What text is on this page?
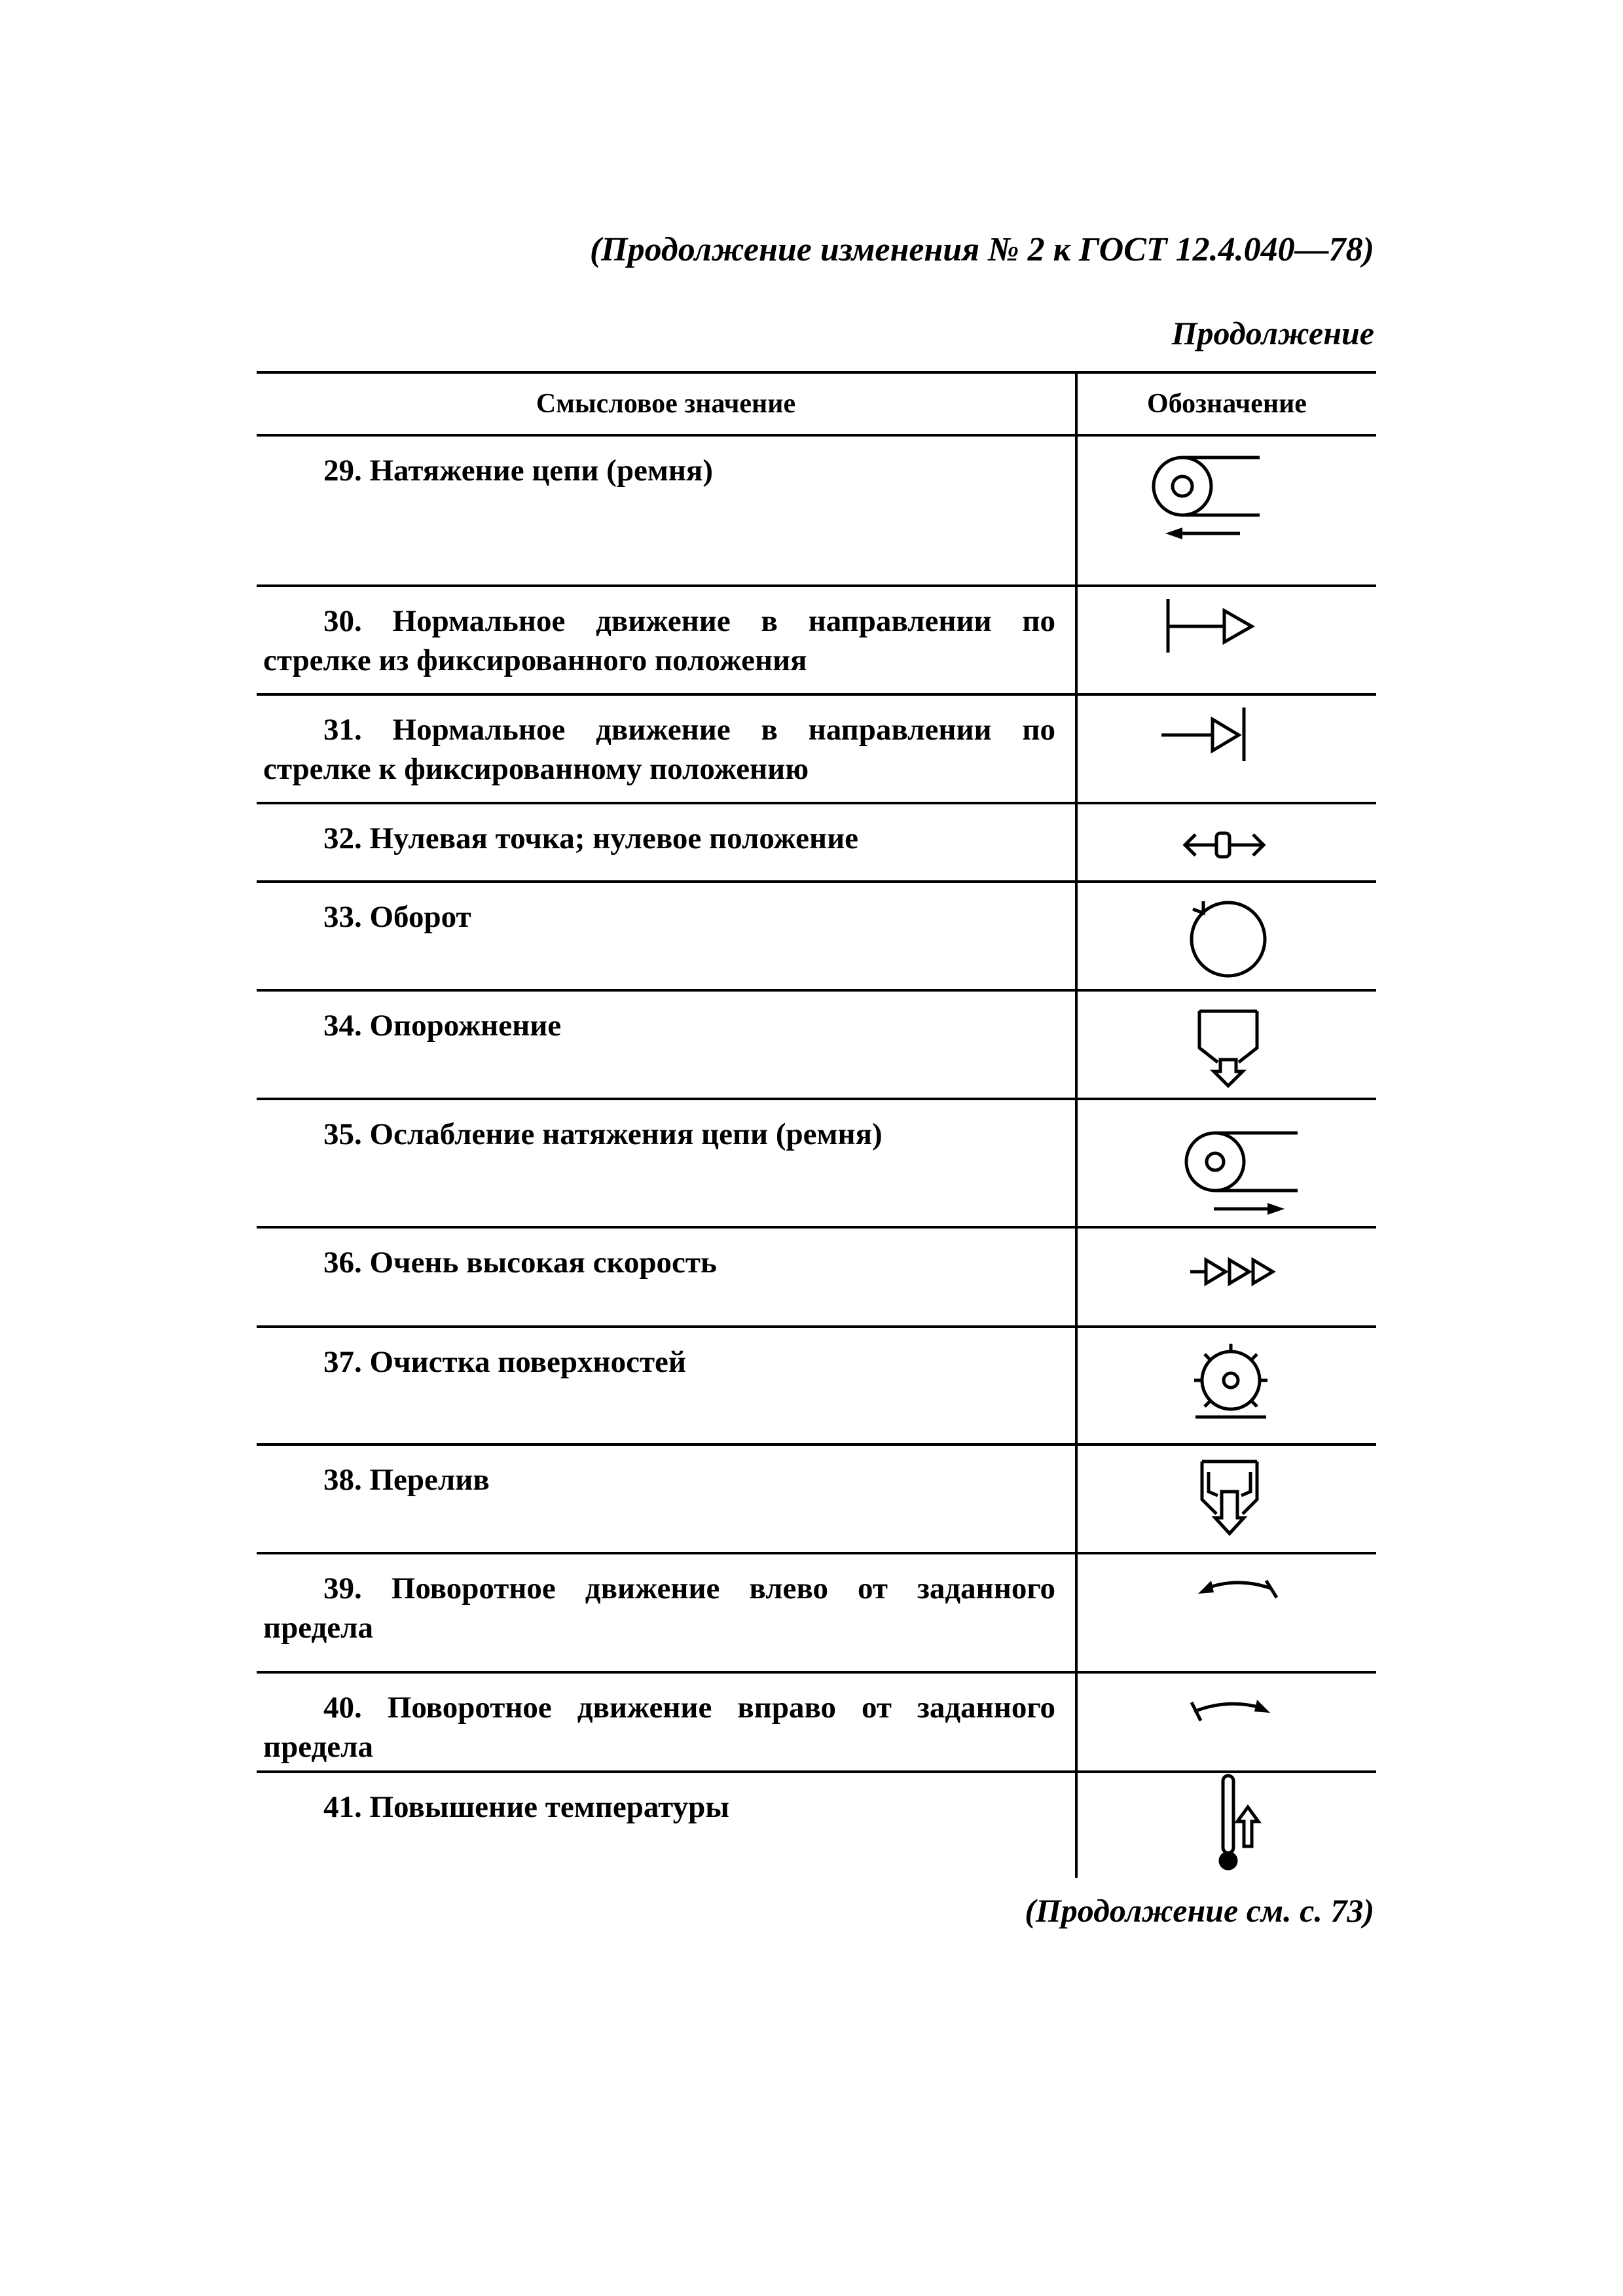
(Продолжение изменения № 2 к ГОСТ 12.4.040—78)
Продолжение
Смысловое значение	Обозначение
29. Натяжение цепи (ремня)	

30. Нормальное движение в направлении по стрелке из фиксированного положения	

31. Нормальное движение в направлении по стрелке к фиксированному положению	

32. Нулевая точка; нулевое положение	

33. Оборот	

34. Опорожнение	

35. Ослабление натяжения цепи (ремня)	

36. Очень высокая скорость	

37. Очистка поверхностей	

38. Перелив	

39. Поворотное движение влево от заданного предела	

40. Поворотное движение вправо от заданного предела	

41. Повышение температуры	
(Продолжение см. с. 73)
